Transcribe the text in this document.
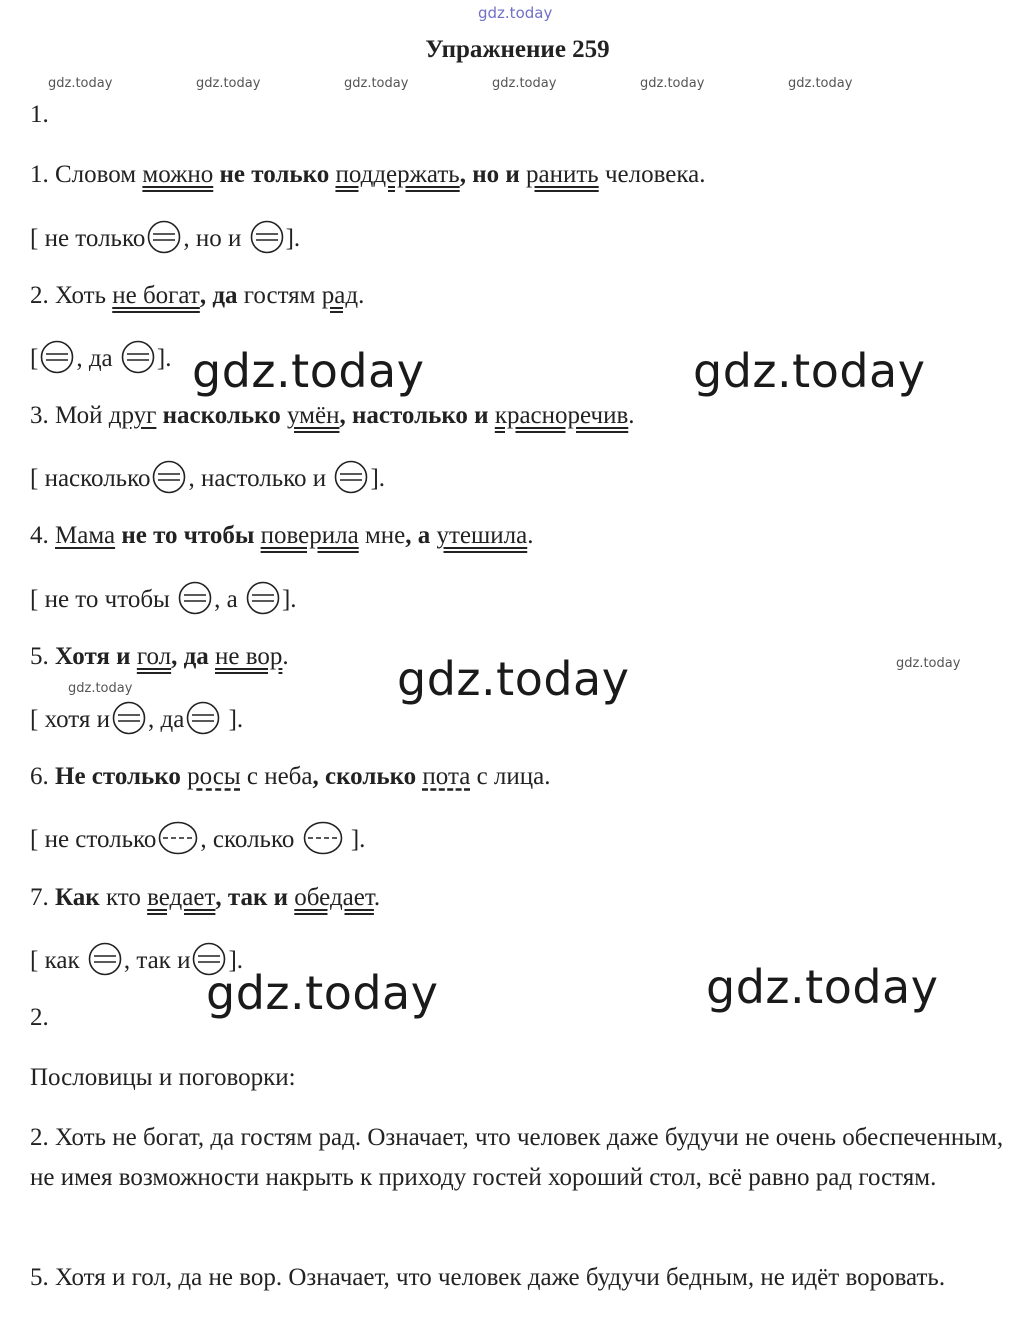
gdz.today
gdz.today	gdz.today	gdz.today	gdz.today	gdz.today	gdz.today
gdz.today
gdz.today
gdz.today	gdz.today
gdz.today
gdz.today	gdz.today
Упражнение 259
1.
1. Словом можно не только поддержать, но и ранить человека.
[ не только , но и ].
2. Хоть не богат, да гостям рад.
[ , да ].
3. Мой друг насколько умён, настолько и красноречив.
[ насколько , настолько и ].
4. Мама не то чтобы поверила мне, а утешила.
[ не то чтобы , а ].
5. Хотя и гол, да не вор.
[ хотя и , да ].
6. Не столько росы с неба, сколько пота с лица.
[ не столько , сколько ].
7. Как кто ведает, так и обедает.
[ как , так и ].
2.
Пословицы и поговорки:
2. Хоть не богат, да гостям рад. Означает, что человек даже будучи не очень обеспеченным, не имея возможности накрыть к приходу гостей хороший стол, всё равно рад гостям.
5. Хотя и гол, да не вор. Означает, что человек даже будучи бедным, не идёт воровать.
